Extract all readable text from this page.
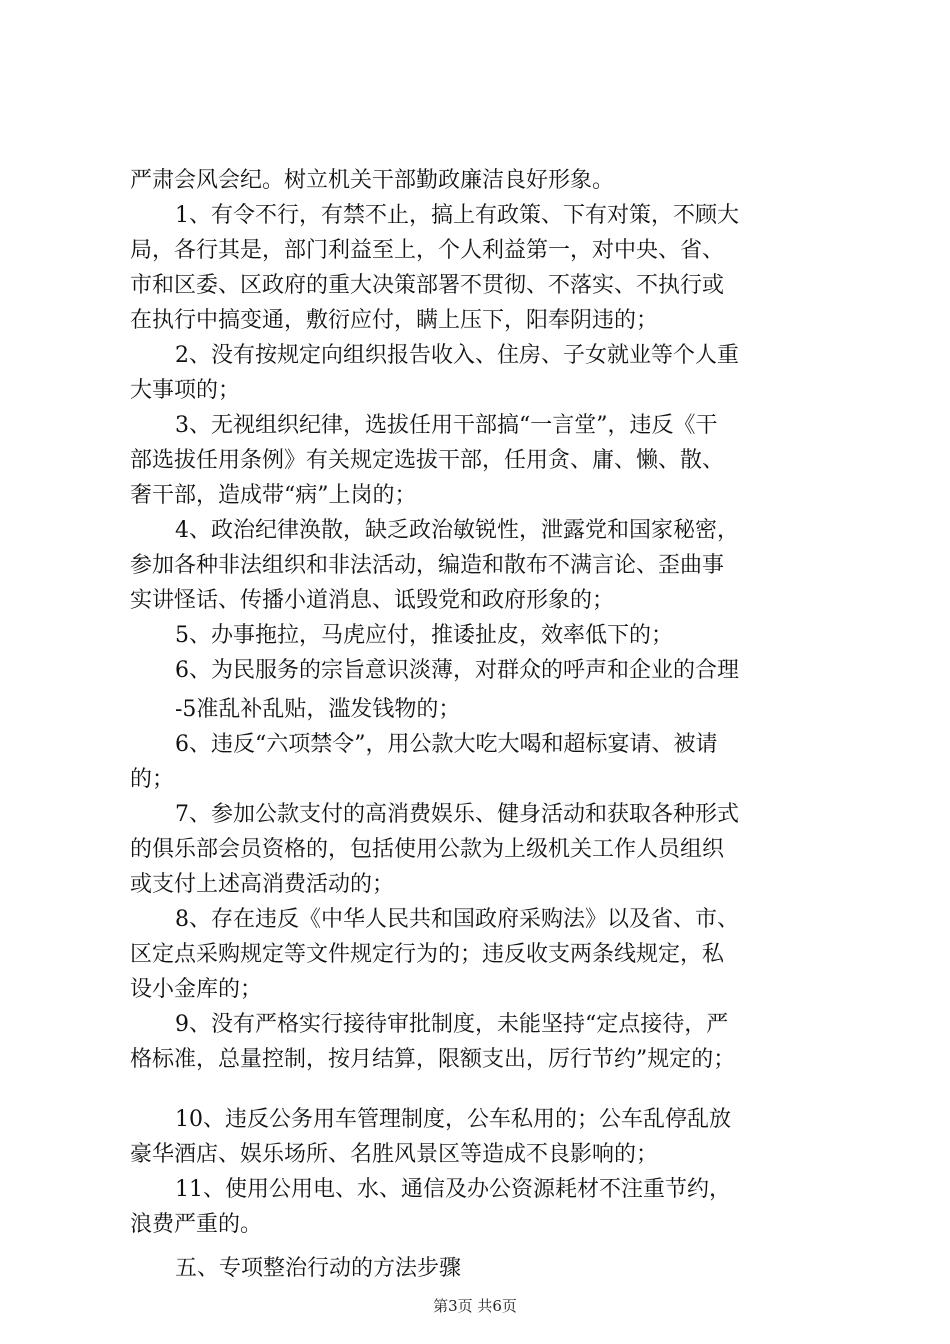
严肃会风会纪。树立机关干部勤政廉洁良好形象。
1、有令不行，有禁不止，搞上有政策、下有对策，不顾大
局，各行其是，部门利益至上，个人利益第一，对中央、省、
市和区委、区政府的重大决策部署不贯彻、不落实、不执行或
在执行中搞变通，敷衍应付，瞒上压下，阳奉阴违的；
2、没有按规定向组织报告收入、住房、子女就业等个人重
大事项的；
3、无视组织纪律，选拔任用干部搞“一言堂”，违反《干
部选拔任用条例》有关规定选拔干部，任用贪、庸、懒、散、
奢干部，造成带“病”上岗的；
4、政治纪律涣散，缺乏政治敏锐性，泄露党和国家秘密，
参加各种非法组织和非法活动，编造和散布不满言论、歪曲事
实讲怪话、传播小道消息、诋毁党和政府形象的；
5、办事拖拉，马虎应付，推诿扯皮，效率低下的；
6、为民服务的宗旨意识淡薄，对群众的呼声和企业的合理
-5准乱补乱贴，滥发钱物的；
6、违反“六项禁令”，用公款大吃大喝和超标宴请、被请
的；
7、参加公款支付的高消费娱乐、健身活动和获取各种形式
的俱乐部会员资格的，包括使用公款为上级机关工作人员组织
或支付上述高消费活动的；
8、存在违反《中华人民共和国政府采购法》以及省、市、
区定点采购规定等文件规定行为的；违反收支两条线规定，私
设小金库的；
9、没有严格实行接待审批制度，未能坚持“定点接待，严
格标准，总量控制，按月结算，限额支出，厉行节约”规定的；
10、违反公务用车管理制度，公车私用的；公车乱停乱放
豪华酒店、娱乐场所、名胜风景区等造成不良影响的；
11、使用公用电、水、通信及办公资源耗材不注重节约，
浪费严重的。
五、专项整治行动的方法步骤
第3页 共6页
